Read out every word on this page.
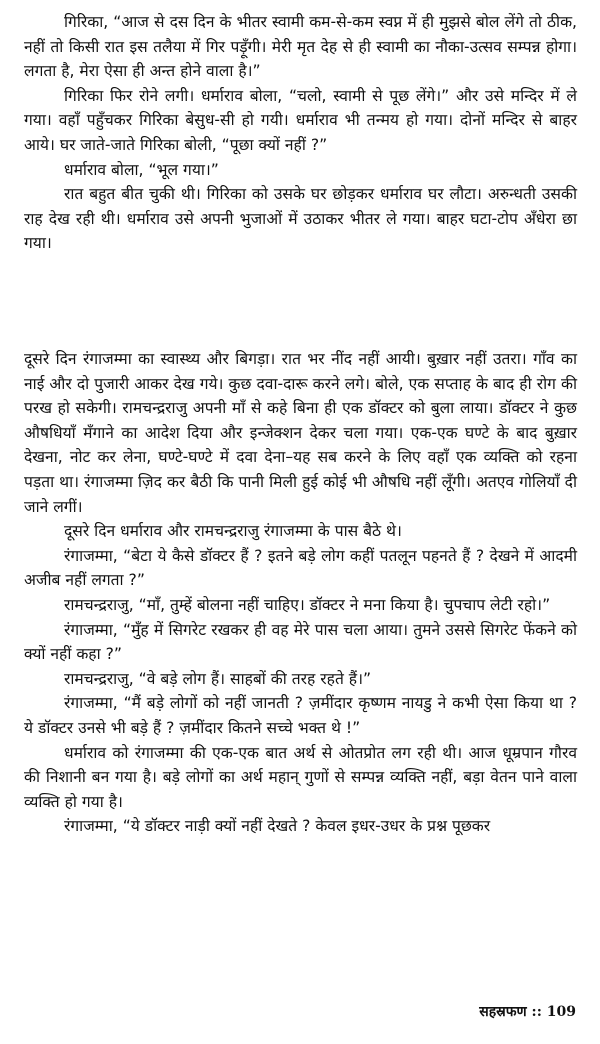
गिरिका, “आज से दस दिन के भीतर स्वामी कम-से-कम स्वप्न में ही मुझसे बोल लेंगे तो ठीक, नहीं तो किसी रात इस तलैया में गिर पड़ूँगी। मेरी मृत देह से ही स्वामी का नौका-उत्सव सम्पन्न होगा। लगता है, मेरा ऐसा ही अन्त होने वाला है।”

गिरिका फिर रोने लगी। धर्माराव बोला, “चलो, स्वामी से पूछ लेंगे।” और उसे मन्दिर में ले गया। वहाँ पहुँचकर गिरिका बेसुध-सी हो गयी। धर्माराव भी तन्मय हो गया। दोनों मन्दिर से बाहर आये। घर जाते-जाते गिरिका बोली, “पूछा क्यों नहीं ?”

धर्माराव बोला, “भूल गया।”

रात बहुत बीत चुकी थी। गिरिका को उसके घर छोड़कर धर्माराव घर लौटा। अरुन्धती उसकी राह देख रही थी। धर्माराव उसे अपनी भुजाओं में उठाकर भीतर ले गया। बाहर घटा-टोप अँधेरा छा गया।

दूसरे दिन रंगाजम्मा का स्वास्थ्य और बिगड़ा। रात भर नींद नहीं आयी। बुख़ार नहीं उतरा। गाँव का नाई और दो पुजारी आकर देख गये। कुछ दवा-दारू करने लगे। बोले, एक सप्ताह के बाद ही रोग की परख हो सकेगी। रामचन्द्रराजु अपनी माँ से कहे बिना ही एक डॉक्टर को बुला लाया। डॉक्टर ने कुछ औषधियाँ मँगाने का आदेश दिया और इन्जेक्शन देकर चला गया। एक-एक घण्टे के बाद बुख़ार देखना, नोट कर लेना, घण्टे-घण्टे में दवा देना–यह सब करने के लिए वहाँ एक व्यक्ति को रहना पड़ता था। रंगाजम्मा ज़िद कर बैठी कि पानी मिली हुई कोई भी औषधि नहीं लूँगी। अतएव गोलियाँ दी जाने लगीं।

दूसरे दिन धर्माराव और रामचन्द्रराजु रंगाजम्मा के पास बैठे थे।

रंगाजम्मा, “बेटा ये कैसे डॉक्टर हैं ? इतने बड़े लोग कहीं पतलून पहनते हैं ? देखने में आदमी अजीब नहीं लगता ?”

रामचन्द्रराजु, “माँ, तुम्हें बोलना नहीं चाहिए। डॉक्टर ने मना किया है। चुपचाप लेटी रहो।”

रंगाजम्मा, “मुँह में सिगरेट रखकर ही वह मेरे पास चला आया। तुमने उससे सिगरेट फेंकने को क्यों नहीं कहा ?”

रामचन्द्रराजु, “वे बड़े लोग हैं। साहबों की तरह रहते हैं।”

रंगाजम्मा, “मैं बड़े लोगों को नहीं जानती ? ज़मींदार कृष्णम नायडु ने कभी ऐसा किया था ? ये डॉक्टर उनसे भी बड़े हैं ? ज़मींदार कितने सच्चे भक्त थे !”

धर्माराव को रंगाजम्मा की एक-एक बात अर्थ से ओतप्रोत लग रही थी। आज धूम्रपान गौरव की निशानी बन गया है। बड़े लोगों का अर्थ महान् गुणों से सम्पन्न व्यक्ति नहीं, बड़ा वेतन पाने वाला व्यक्ति हो गया है।

रंगाजम्मा, “ये डॉक्टर नाड़ी क्यों नहीं देखते ? केवल इधर-उधर के प्रश्न पूछकर

सहस्रफण :: 109
